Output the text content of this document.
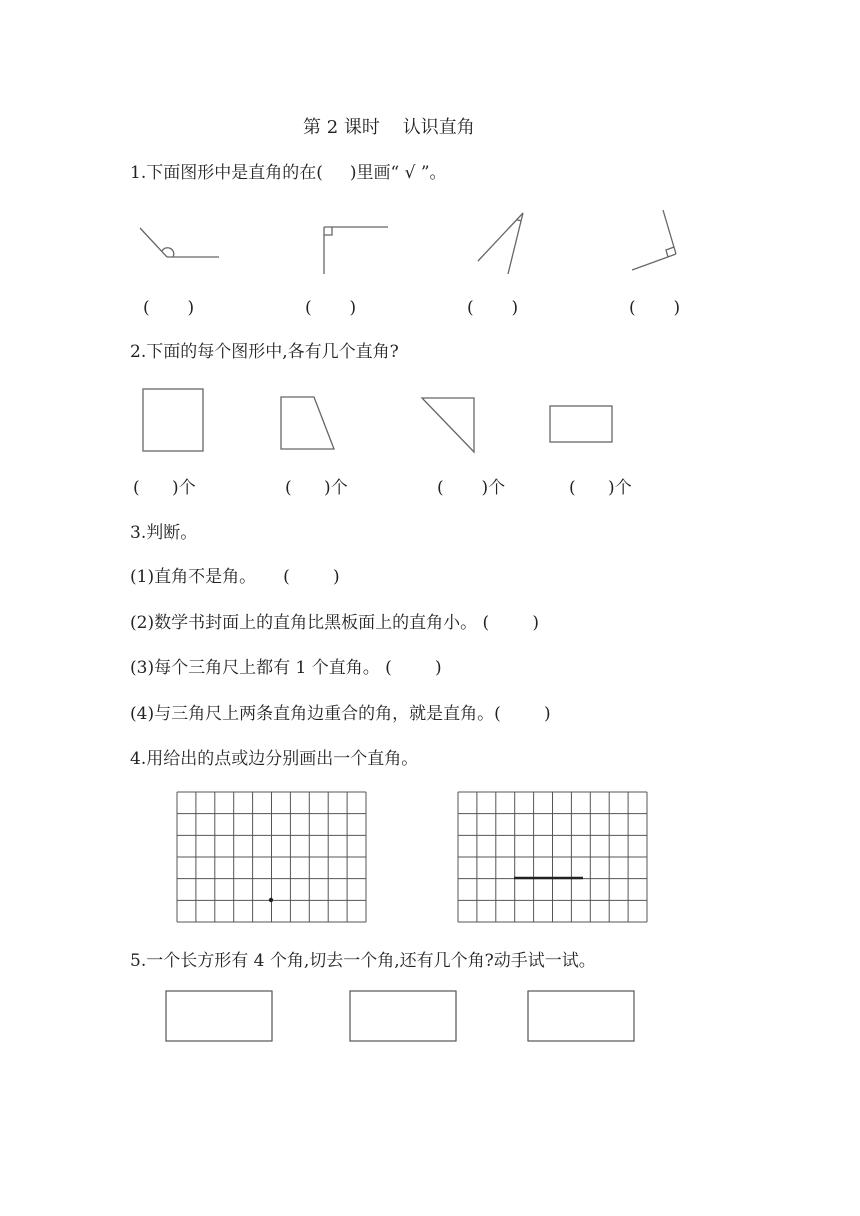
第 2 课时    认识直角
1.下面图形中是直角的在(     )里画“ √ ”。
(       )	(       )	(       )	(       )
2.下面的每个图形中,各有几个直角?
(      )个	(      )个	(       )个	(      )个
3.判断。
(1)直角不是角。     (        )
(2)数学书封面上的直角比黑板面上的直角小。 (        )
(3)每个三角尺上都有 1 个直角。 (        )
(4)与三角尺上两条直角边重合的角，就是直角。(        )
4.用给出的点或边分别画出一个直角。
5.一个长方形有 4 个角,切去一个角,还有几个角?动手试一试。
